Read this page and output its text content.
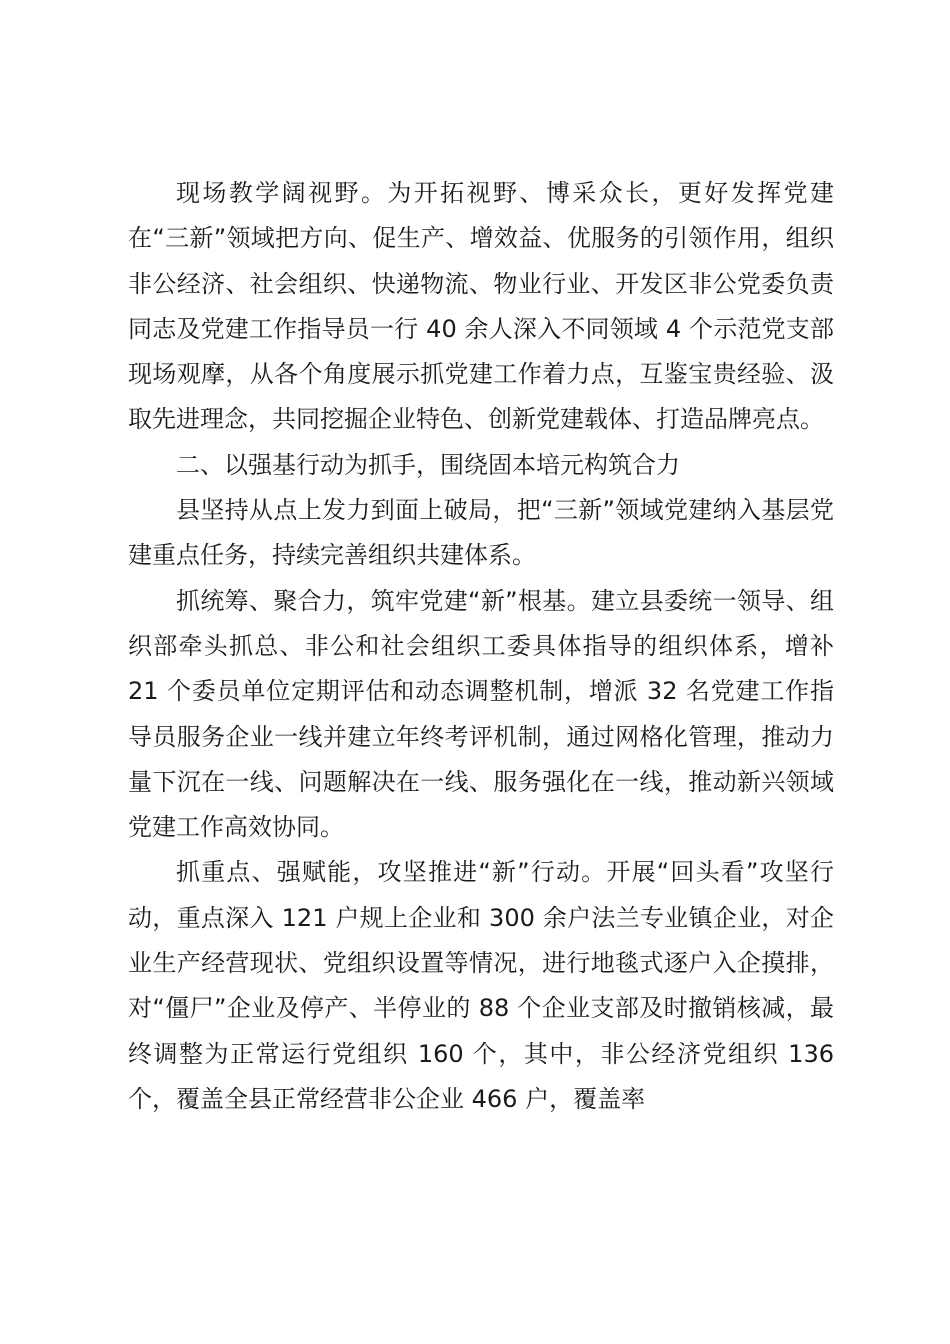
现场教学阔视野。为开拓视野、博采众长，更好发挥党建在“三新”领域把方向、促生产、增效益、优服务的引领作用，组织非公经济、社会组织、快递物流、物业行业、开发区非公党委负责同志及党建工作指导员一行 40 余人深入不同领域 4 个示范党支部现场观摩，从各个角度展示抓党建工作着力点，互鉴宝贵经验、汲取先进理念，共同挖掘企业特色、创新党建载体、打造品牌亮点。

二、以强基行动为抓手，围绕固本培元构筑合力

县坚持从点上发力到面上破局，把“三新”领域党建纳入基层党建重点任务，持续完善组织共建体系。

抓统筹、聚合力，筑牢党建“新”根基。建立县委统一领导、组织部牵头抓总、非公和社会组织工委具体指导的组织体系，增补 21 个委员单位定期评估和动态调整机制，增派 32 名党建工作指导员服务企业一线并建立年终考评机制，通过网格化管理，推动力量下沉在一线、问题解决在一线、服务强化在一线，推动新兴领域党建工作高效协同。

抓重点、强赋能，攻坚推进“新”行动。开展“回头看”攻坚行动，重点深入 121 户规上企业和 300 余户法兰专业镇企业，对企业生产经营现状、党组织设置等情况，进行地毯式逐户入企摸排，对“僵尸”企业及停产、半停业的 88 个企业支部及时撤销核减，最终调整为正常运行党组织 160 个，其中，非公经济党组织 136 个，覆盖全县正常经营非公企业 466 户，覆盖率
